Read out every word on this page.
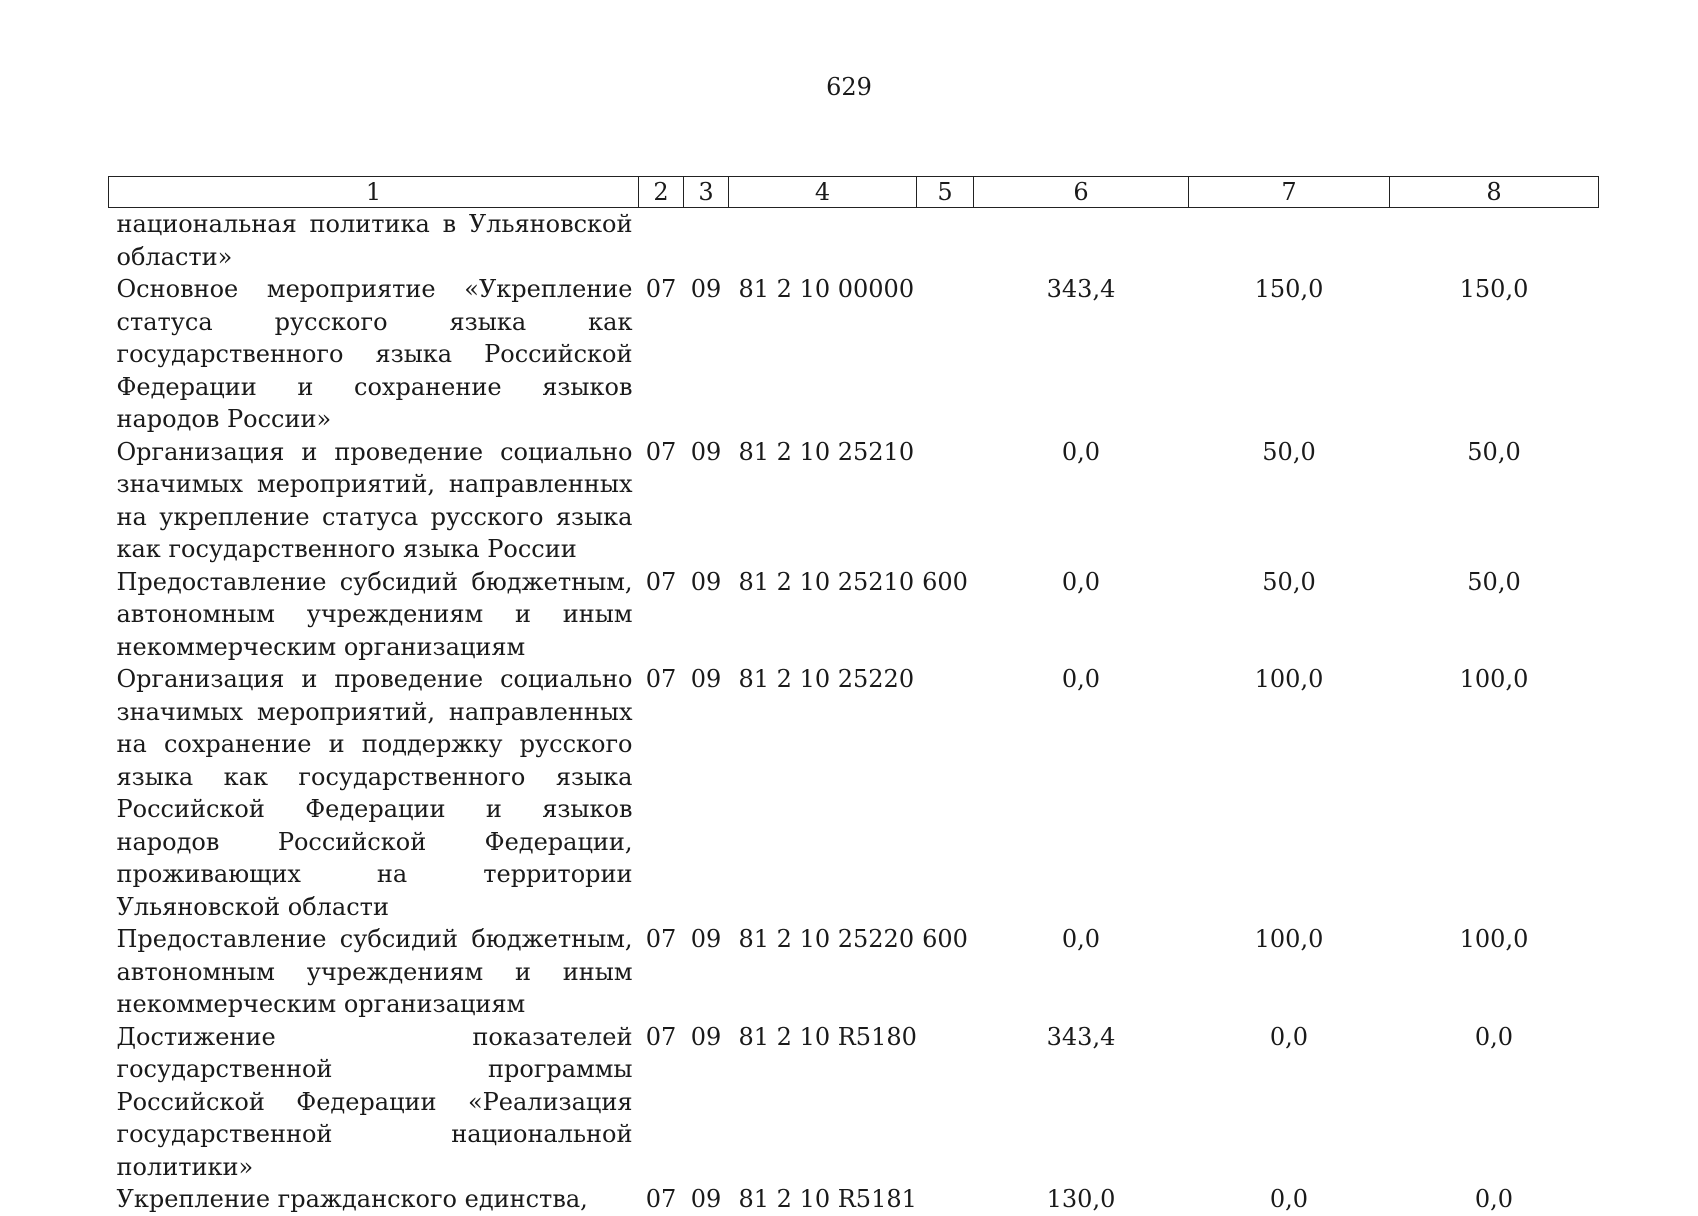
629
1	2	3	4	5	6	7	8
национальная политика в Ульяновской области»							
Основное мероприятие «Укрепление статуса русского языка как государственного языка Российской Федерации и сохранение языков народов России»	07	09	81 2 10 00000		343,4	150,0	150,0
Организация и проведение социально значимых мероприятий, направленных на укрепление статуса русского языка как государственного языка России	07	09	81 2 10 25210		0,0	50,0	50,0
Предоставление субсидий бюджетным, автономным учреждениям и иным некоммерческим организациям	07	09	81 2 10 25210	600	0,0	50,0	50,0
Организация и проведение социально значимых мероприятий, направленных на сохранение и поддержку русского языка как государственного языка Российской Федерации и языков народов Российской Федерации, проживающих на территории Ульяновской области	07	09	81 2 10 25220		0,0	100,0	100,0
Предоставление субсидий бюджетным, автономным учреждениям и иным некоммерческим организациям	07	09	81 2 10 25220	600	0,0	100,0	100,0
Достижение показателей государственной программы Российской Федерации «Реализация государственной национальной политики»	07	09	81 2 10 R5180		343,4	0,0	0,0
Укрепление гражданского единства,	07	09	81 2 10 R5181		130,0	0,0	0,0
